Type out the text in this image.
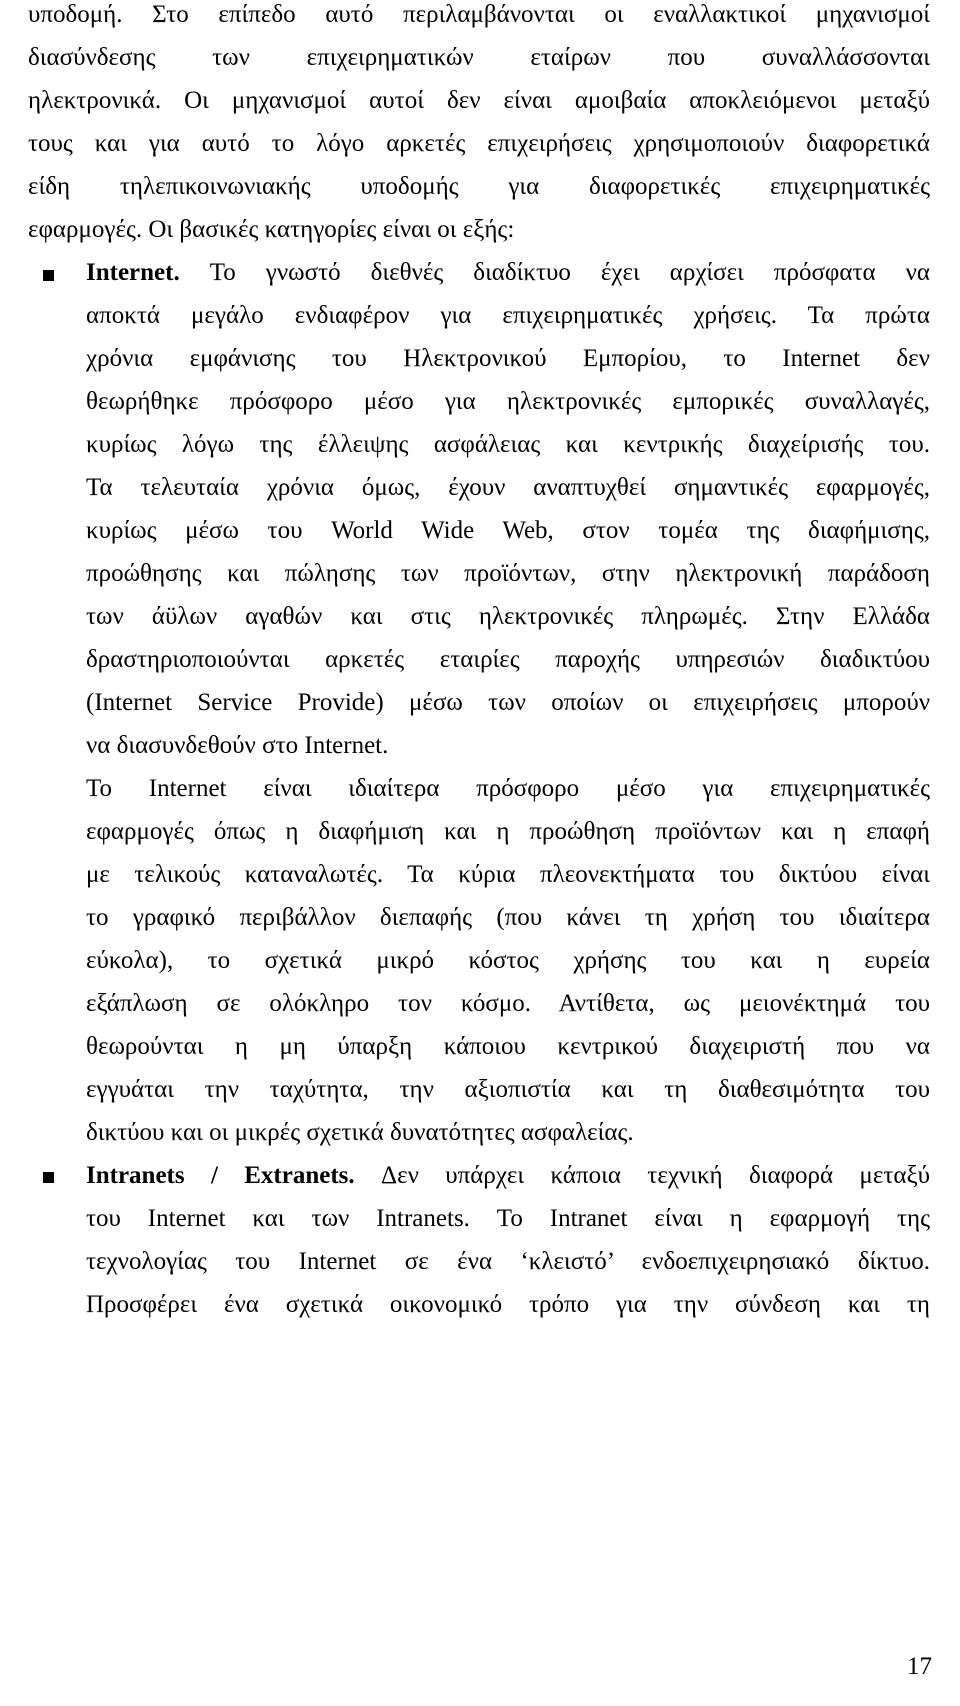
υποδομή. Στο επίπεδο αυτό περιλαμβάνονται οι εναλλακτικοί μηχανισμοί
διασύνδεσης των επιχειρηματικών εταίρων που συναλλάσσονται
ηλεκτρονικά. Οι μηχανισμοί αυτοί δεν είναι αμοιβαία αποκλειόμενοι μεταξύ
τους και για αυτό το λόγο αρκετές επιχειρήσεις χρησιμοποιούν διαφορετικά
είδη τηλεπικοινωνιακής υποδομής για διαφορετικές επιχειρηματικές
εφαρμογές. Οι βασικές κατηγορίες είναι οι εξής:
Internet. Το γνωστό διεθνές διαδίκτυο έχει αρχίσει πρόσφατα να
αποκτά μεγάλο ενδιαφέρον για επιχειρηματικές χρήσεις. Τα πρώτα
χρόνια εμφάνισης του Ηλεκτρονικού Εμπορίου, το Internet δεν
θεωρήθηκε πρόσφορο μέσο για ηλεκτρονικές εμπορικές συναλλαγές,
κυρίως λόγω της έλλειψης ασφάλειας και κεντρικής διαχείρισής του.
Τα τελευταία χρόνια όμως, έχουν αναπτυχθεί σημαντικές εφαρμογές,
κυρίως μέσω του World Wide Web, στον τομέα της διαφήμισης,
προώθησης και πώλησης των προϊόντων, στην ηλεκτρονική παράδοση
των άϋλων αγαθών και στις ηλεκτρονικές πληρωμές. Στην Ελλάδα
δραστηριοποιούνται αρκετές εταιρίες παροχής υπηρεσιών διαδικτύου
(Internet Service Provide) μέσω των οποίων οι επιχειρήσεις μπορούν
να διασυνδεθούν στο Internet.
Το Internet είναι ιδιαίτερα πρόσφορο μέσο για επιχειρηματικές
εφαρμογές όπως η διαφήμιση και η προώθηση προϊόντων και η επαφή
με τελικούς καταναλωτές. Τα κύρια πλεονεκτήματα του δικτύου είναι
το γραφικό περιβάλλον διεπαφής (που κάνει τη χρήση του ιδιαίτερα
εύκολα), το σχετικά μικρό κόστος χρήσης του και η ευρεία
εξάπλωση σε ολόκληρο τον κόσμο. Αντίθετα, ως μειονέκτημά του
θεωρούνται η μη ύπαρξη κάποιου κεντρικού διαχειριστή που να
εγγυάται την ταχύτητα, την αξιοπιστία και τη διαθεσιμότητα του
δικτύου και οι μικρές σχετικά δυνατότητες ασφαλείας.
Intranets / Extranets. Δεν υπάρχει κάποια τεχνική διαφορά μεταξύ
του Internet και των Intranets. Το Intranet είναι η εφαρμογή της
τεχνολογίας του Internet σε ένα ‘κλειστό’ ενδοεπιχειρησιακό δίκτυο.
Προσφέρει ένα σχετικά οικονομικό τρόπο για την σύνδεση και τη
17
